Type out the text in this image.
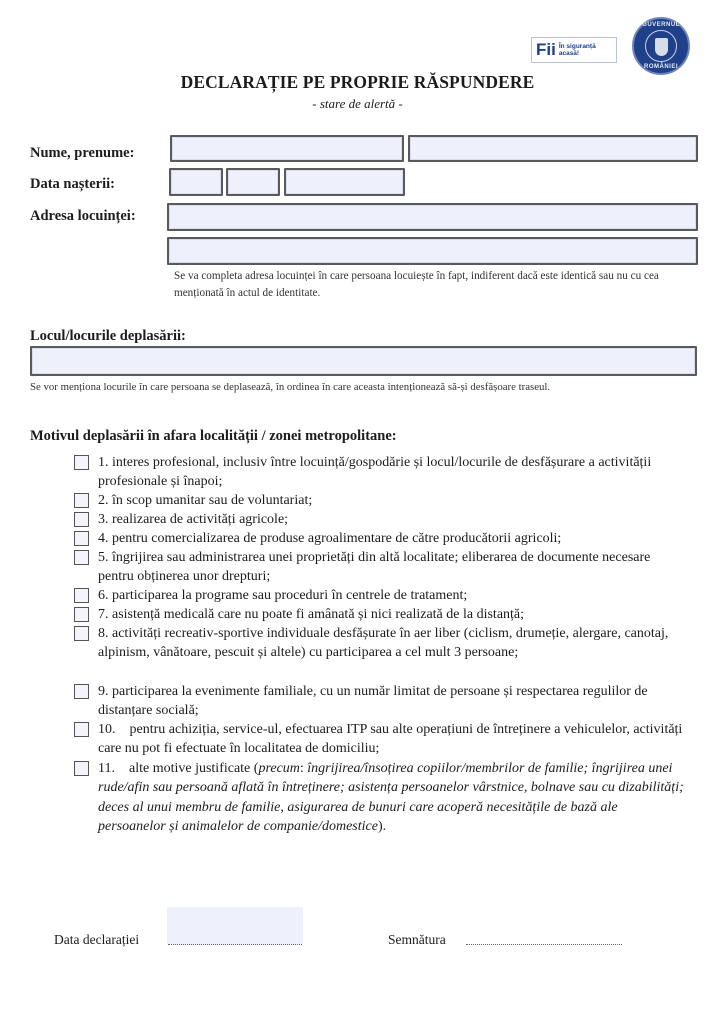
Fii În siguranță
acasă!
GUVERNUL
ROMÂNIEI
DECLARAȚIE PE PROPRIE RĂSPUNDERE
- stare de alertă -
Nume, prenume:
Data nașterii:
Adresa locuinței:
Se va completa adresa locuinței în care persoana locuiește în fapt, indiferent dacă este identică sau nu cu cea menționată în actul de identitate.
Locul/locurile deplasării:
Se vor menționa locurile în care persoana se deplasează, în ordinea în care aceasta intenționează să-și desfășoare traseul.
Motivul deplasării în afara localității / zonei metropolitane:
1. interes profesional, inclusiv între locuință/gospodărie și locul/locurile de desfășurare a activității profesionale și înapoi;
2. în scop umanitar sau de voluntariat;
3. realizarea de activități agricole;
4. pentru comercializarea de produse agroalimentare de către producătorii agricoli;
5. îngrijirea sau administrarea unei proprietăți din altă localitate; eliberarea de documente necesare pentru obținerea unor drepturi;
6. participarea la programe sau proceduri în centrele de tratament;
7. asistență medicală care nu poate fi amânată și nici realizată de la distanță;
8. activități recreativ-sportive individuale desfășurate în aer liber (ciclism, drumeție, alergare, canotaj, alpinism, vânătoare, pescuit și altele) cu participarea a cel mult 3 persoane;
9. participarea la evenimente familiale, cu un număr limitat de persoane și respectarea regulilor de distanțare socială;
10.    pentru achiziția, service-ul, efectuarea ITP sau alte operațiuni de întreținere a vehiculelor, activități care nu pot fi efectuate în localitatea de domiciliu;
11.    alte motive justificate (precum: îngrijirea/însoțirea copiilor/membrilor de familie; îngrijirea unei rude/afin sau persoană aflată în întreținere; asistența persoanelor vârstnice, bolnave sau cu dizabilități; deces al unui membru de familie, asigurarea de bunuri care acoperă necesitățile de bază ale persoanelor și animalelor de companie/domestice).
Data declarației	Semnătura
